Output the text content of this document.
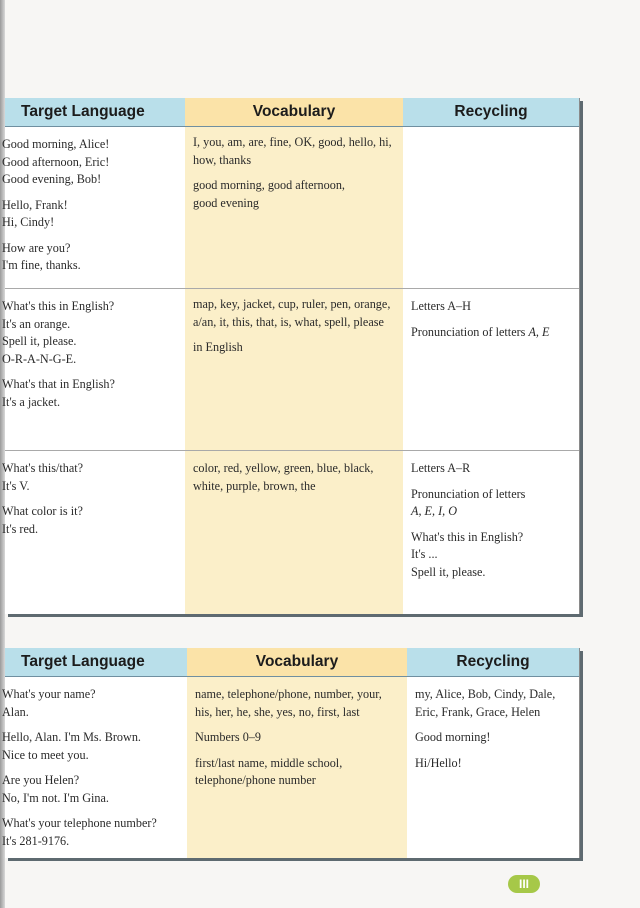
Target Language

Good morning, Alice!
Good afternoon, Eric!
Good evening, Bob!

Hello, Frank!
Hi, Cindy!

How are you?
I'm fine, thanks.

What's this in English?
It's an orange.
Spell it, please.
O-R-A-N-G-E.

What's that in English?
It's a jacket.

What's this/that?
It's V.

What color is it?
It's red.

Vocabulary

I, you, am, are, fine, OK, good, hello, hi,
how, thanks

good morning, good afternoon,
good evening

map, key, jacket, cup, ruler, pen, orange,
a/an, it, this, that, is, what, spell, please

in English

color, red, yellow, green, blue, black,
white, purple, brown, the

Recycling

Letters A–H

Pronunciation of letters A, E

Letters A–R

Pronunciation of letters
A, E, I, O

What's this in English?
It's ...
Spell it, please.

Target Language

What's your name?
Alan.

Hello, Alan. I'm Ms. Brown.
Nice to meet you.

Are you Helen?
No, I'm not. I'm Gina.

What's your telephone number?
It's 281-9176.

Vocabulary

name, telephone/phone, number, your,
his, her, he, she, yes, no, first, last

Numbers 0–9

first/last name, middle school,
telephone/phone number

Recycling

my, Alice, Bob, Cindy, Dale,
Eric, Frank, Grace, Helen

Good morning!

Hi/Hello!

III
